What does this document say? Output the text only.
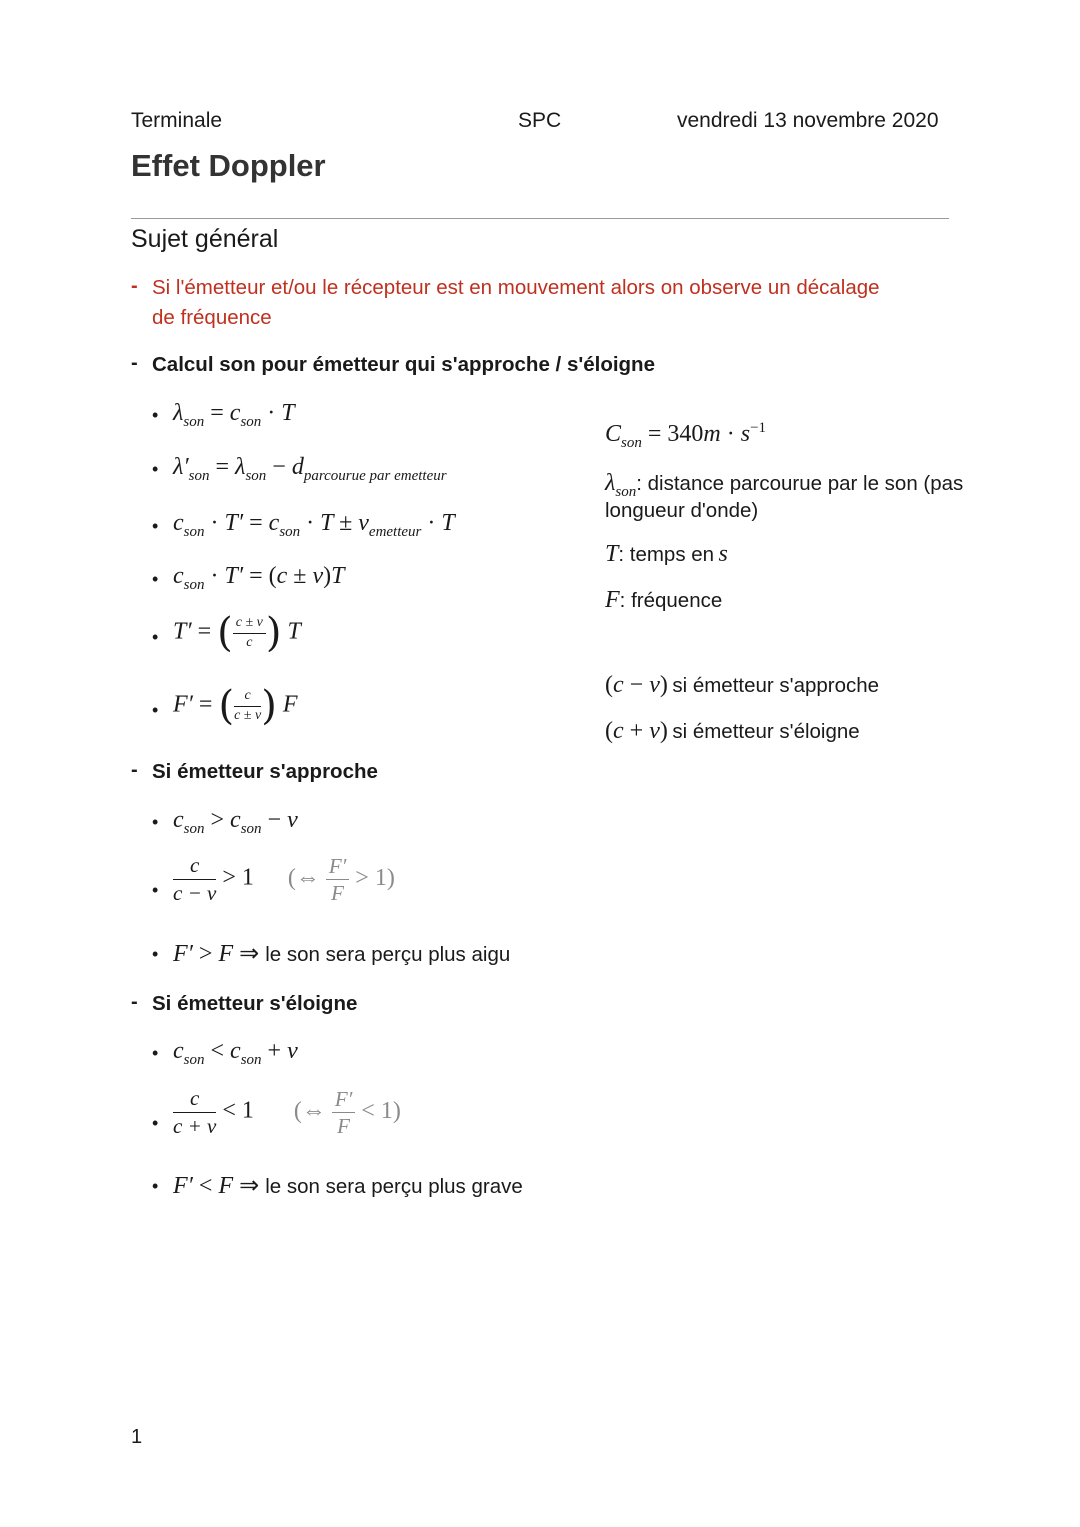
Terminale	SPC	vendredi 13 novembre 2020
Effet Doppler
Sujet général
- Si l'émetteur et/ou le récepteur est en mouvement alors on observe un décalage
de fréquence
- Calcul son pour émetteur qui s'approche / s'éloigne
• $\lambda_{son} = c_{son} \cdot T$
• $\lambda'_{son} = \lambda_{son} - d_{parcourue par emetteur}$
• $c_{son} \cdot T' = c_{son} \cdot T \pm v_{emetteur} \cdot T$
• $c_{son} \cdot T' = (c \pm v)T$
• T′ = ( $\frac{c \pm v}{c}$ ) T
• F′ = ( $\frac{c}{c \pm v}$ ) F
$C_{son} = 340m \cdot s^{-1}$
$\lambda_{son}$: distance parcourue par le son (pas
longueur d'onde)
T: temps en s
F: fréquence
(c − v) si émetteur s'approche
(c + v) si émetteur s'éloigne
- Si émetteur s'approche
• $c_{son} > c_{son} - v$
• $\frac{c}{c - v} > 1$ (⇔ $\frac{F'}{F} > 1$)
• F′ > F ⇒ le son sera perçu plus aigu
- Si émetteur s'éloigne
• $c_{son} < c_{son} + v$
• $\frac{c}{c + v} < 1$ (⇔ $\frac{F'}{F} < 1$)
• F′ < F ⇒ le son sera perçu plus grave
1
